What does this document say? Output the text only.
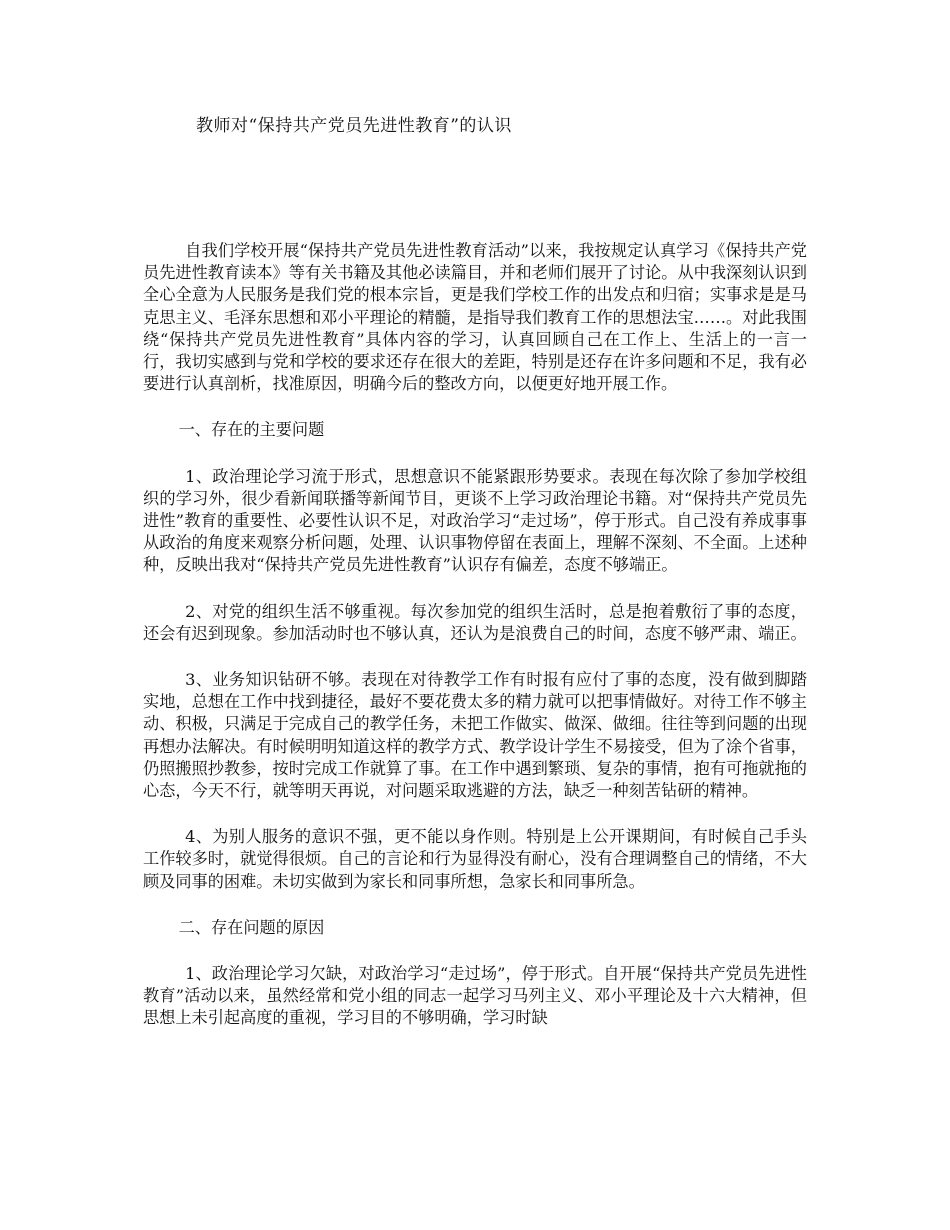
教师对“保持共产党员先进性教育”的认识

自我们学校开展“保持共产党员先进性教育活动”以来，我按规定认真学习《保持共产党员先进性教育读本》等有关书籍及其他必读篇目，并和老师们展开了讨论。从中我深刻认识到全心全意为人民服务是我们党的根本宗旨，更是我们学校工作的出发点和归宿；实事求是是马克思主义、毛泽东思想和邓小平理论的精髓，是指导我们教育工作的思想法宝……。对此我围绕“保持共产党员先进性教育”具体内容的学习，认真回顾自己在工作上、生活上的一言一行，我切实感到与党和学校的要求还存在很大的差距，特别是还存在许多问题和不足，我有必要进行认真剖析，找准原因，明确今后的整改方向，以便更好地开展工作。

一、存在的主要问题

1、政治理论学习流于形式，思想意识不能紧跟形势要求。表现在每次除了参加学校组织的学习外，很少看新闻联播等新闻节目，更谈不上学习政治理论书籍。对“保持共产党员先进性”教育的重要性、必要性认识不足，对政治学习“走过场”，停于形式。自己没有养成事事从政治的角度来观察分析问题，处理、认识事物停留在表面上，理解不深刻、不全面。上述种种，反映出我对“保持共产党员先进性教育”认识存有偏差，态度不够端正。

2、对党的组织生活不够重视。每次参加党的组织生活时，总是抱着敷衍了事的态度，还会有迟到现象。参加活动时也不够认真，还认为是浪费自己的时间，态度不够严肃、端正。

3、业务知识钻研不够。表现在对待教学工作有时报有应付了事的态度，没有做到脚踏实地，总想在工作中找到捷径，最好不要花费太多的精力就可以把事情做好。对待工作不够主动、积极，只满足于完成自己的教学任务，未把工作做实、做深、做细。往往等到问题的出现再想办法解决。有时候明明知道这样的教学方式、教学设计学生不易接受，但为了涂个省事，仍照搬照抄教参，按时完成工作就算了事。在工作中遇到繁琐、复杂的事情，抱有可拖就拖的心态，今天不行，就等明天再说，对问题采取逃避的方法，缺乏一种刻苦钻研的精神。

4、为别人服务的意识不强，更不能以身作则。特别是上公开课期间，有时候自己手头工作较多时，就觉得很烦。自己的言论和行为显得没有耐心，没有合理调整自己的情绪，不大顾及同事的困难。未切实做到为家长和同事所想，急家长和同事所急。

二、存在问题的原因

1、政治理论学习欠缺，对政治学习“走过场”，停于形式。自开展“保持共产党员先进性教育”活动以来，虽然经常和党小组的同志一起学习马列主义、邓小平理论及十六大精神，但思想上未引起高度的重视，学习目的不够明确，学习时缺
